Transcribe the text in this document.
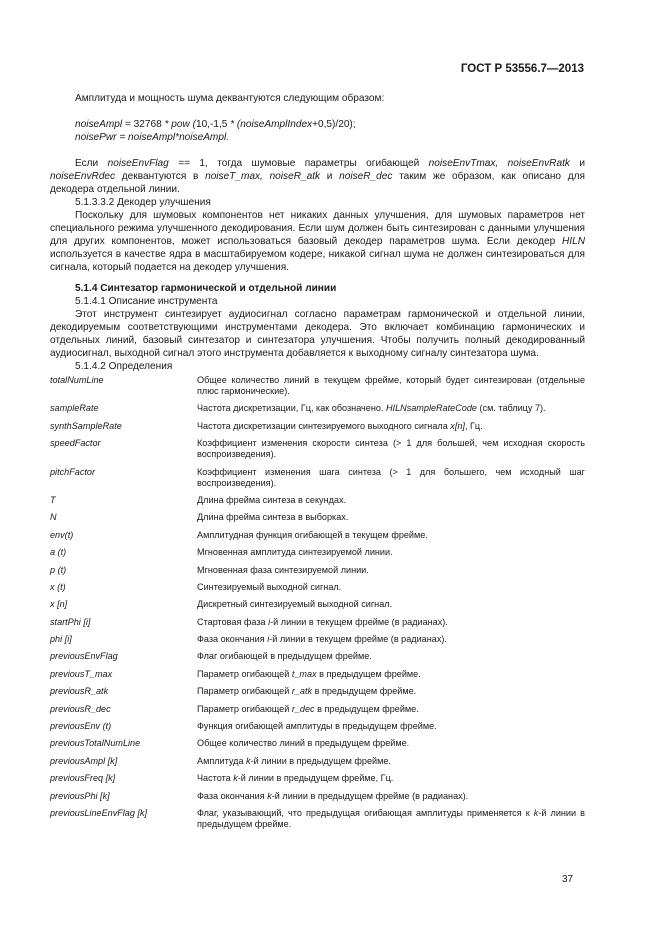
ГОСТ Р 53556.7—2013

Амплитуда и мощность шума деквантуются следующим образом:

noiseAmpl = 32768 * pow (10,-1,5 * (noiseAmplIndex+0,5)/20);

noisePwr = noiseAmpl*noiseAmpl.

Если noiseEnvFlag == 1, тогда шумовые параметры огибающей noiseEnvTmax, noiseEnvRatk и noiseEnvRdec деквантуются в noiseT_max, noiseR_atk и noiseR_dec таким же образом, как описано для декодера отдельной линии.

5.1.3.3.2 Декодер улучшения

Поскольку для шумовых компонентов нет никаких данных улучшения, для шумовых параметров нет специального режима улучшенного декодирования. Если шум должен быть синтезирован с данными улучшения для других компонентов, может использоваться базовый декодер параметров шума. Если декодер HILN используется в качестве ядра в масштабируемом кодере, никакой сигнал шума не должен синтезироваться для сигнала, который подается на декодер улучшения.

5.1.4 Синтезатор гармонической и отдельной линии

5.1.4.1 Описание инструмента

Этот инструмент синтезирует аудиосигнал согласно параметрам гармонической и отдельной линии, декодируемым соответствующими инструментами декодера. Это включает комбинацию гармонических и отдельных линий, базовый синтезатор и синтезатора улучшения. Чтобы получить полный декодированный аудиосигнал, выходной сигнал этого инструмента добавляется к выходному сигналу синтезатора шума.

5.1.4.2 Определения

totalNumLine	Общее количество линий в текущем фрейме, который будет синтезирован (отдельные плюс гармонические).
sampleRate	Частота дискретизации, Гц, как обозначено. HILNsampleRateCode (см. таблицу 7).
synthSampleRate	Частота дискретизации синтезируемого выходного сигнала x[n], Гц.
speedFactor	Коэффициент изменения скорости синтеза (> 1 для большей, чем исходная скорость воспроизведения).
pitchFactor	Коэффициент изменения шага синтеза (> 1 для большего, чем исходный шаг воспроизведения).
T	Длина фрейма синтеза в секундах.
N	Длина фрейма синтеза в выборках.
env(t)	Амплитудная функция огибающей в текущем фрейме.
a (t)	Мгновенная амплитуда синтезируемой линии.
p (t)	Мгновенная фаза синтезируемой линии.
x (t)	Синтезируемый выходной сигнал.
x [n]	Дискретный синтезируемый выходной сигнал.
startPhi [i]	Стартовая фаза i-й линии в текущем фрейме (в радианах).
phi [i]	Фаза окончания i-й линии в текущем фрейме (в радианах).
previousEnvFlag	Флаг огибающей в предыдущем фрейме.
previousT_max	Параметр огибающей t_max в предыдущем фрейме.
previousR_atk	Параметр огибающей r_atk в предыдущем фрейме.
previousR_dec	Параметр огибающей r_dec в предыдущем фрейме.
previousEnv (t)	Функция огибающей амплитуды в предыдущем фрейме.
previousTotalNumLine	Общее количество линий в предыдущем фрейме.
previousAmpl [k]	Амплитуда k-й линии в предыдущем фрейме.
previousFreq [k]	Частота k-й линии в предыдущем фрейме, Гц.
previousPhi [k]	Фаза окончания k-й линии в предыдущем фрейме (в радианах).
previousLineEnvFlag [k]	Флаг, указывающий, что предыдущая огибающая амплитуды применяется к k-й линии в предыдущем фрейме.
37
